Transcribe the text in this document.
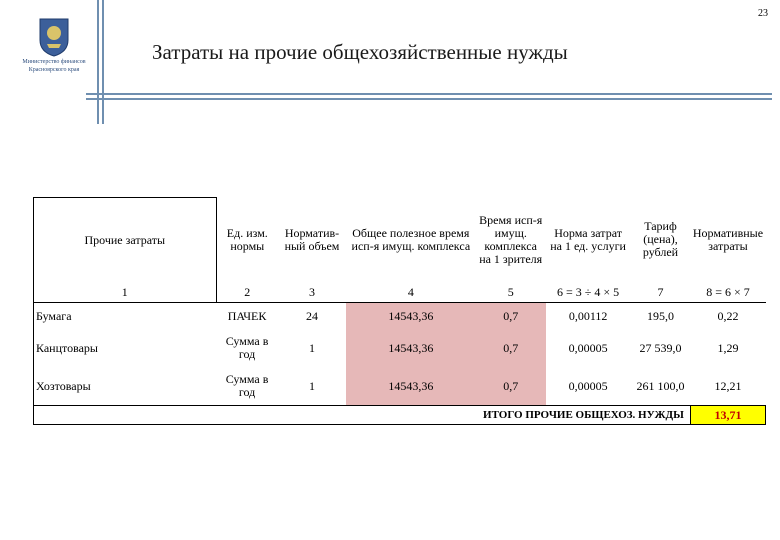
23
Министерство финансов
Красноярского края
Затраты на прочие общехозяйственные нужды
Прочие затраты	Ед. изм. нормы	Норматив-ный объем	Общее полезное время исп-я имущ. комплекса	Время исп-я имущ. комплекса на 1 зрителя	Норма затрат на 1 ед. услуги	Тариф (цена), рублей	Нормативные затраты
1	2	3	4	5	6 = 3 ÷ 4 × 5	7	8 = 6 × 7
Бумага	ПАЧЕК	24	14543,36	0,7	0,00112	195,0	0,22
Канцтовары	Сумма в год	1	14543,36	0,7	0,00005	27 539,0	1,29
Хозтовары	Сумма в год	1	14543,36	0,7	0,00005	261 100,0	12,21
ИТОГО ПРОЧИЕ ОБЩЕХОЗ. НУЖДЫ							13,71
